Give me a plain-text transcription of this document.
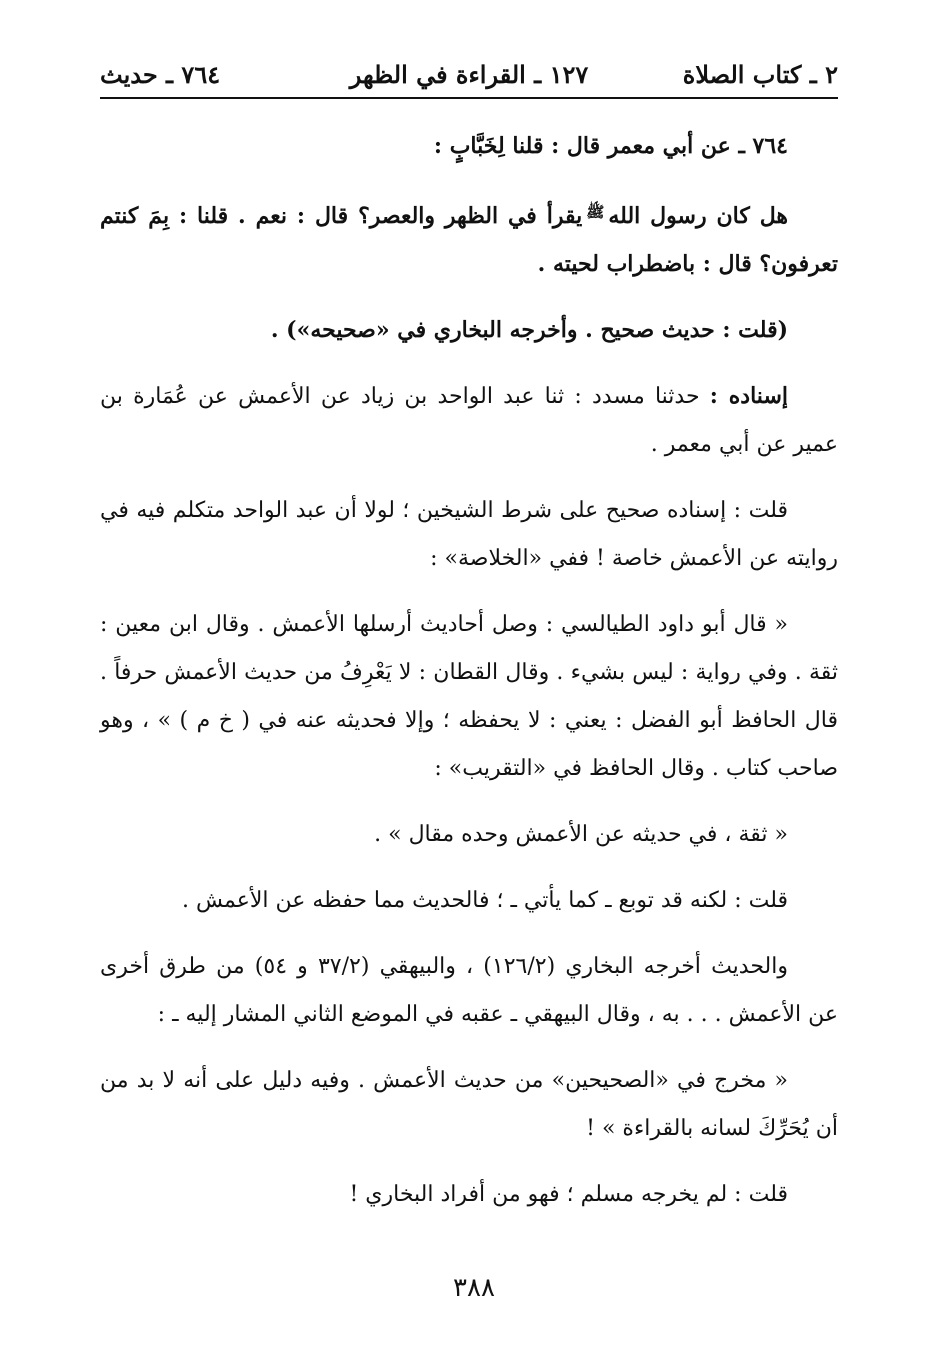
٢ ـ كتاب الصلاة
١٢٧ ـ القراءة في الظهر
٧٦٤ ـ حديث

٧٦٤ ـ عن أبي معمر قال : قلنا لِخَبَّابٍ :

هل كان رسول الله$^ﷺ$يقرأ في الظهر والعصر؟ قال : نعم . قلنا : بِمَ كنتم تعرفون؟ قال : باضطراب لحيته .

(قلت : حديث صحيح . وأخرجه البخاري في «صحيحه») .

إسناده : حدثنا مسدد : ثنا عبد الواحد بن زياد عن الأعمش عن عُمَارة بن عمير عن أبي معمر .

قلت : إسناده صحيح على شرط الشيخين ؛ لولا أن عبد الواحد متكلم فيه في روايته عن الأعمش خاصة ! ففي «الخلاصة» :

« قال أبو داود الطيالسي : وصل أحاديث أرسلها الأعمش . وقال ابن معين : ثقة . وفي رواية : ليس بشيء . وقال القطان : لا يَعْرِفُ من حديث الأعمش حرفاً . قال الحافظ أبو الفضل : يعني : لا يحفظه ؛ وإلا فحديثه عنه في ( خ م ) » ، وهو صاحب كتاب . وقال الحافظ في «التقريب» :

« ثقة ، في حديثه عن الأعمش وحده مقال » .

قلت : لكنه قد توبع ـ كما يأتي ـ ؛ فالحديث مما حفظه عن الأعمش .

والحديث أخرجه البخاري (١٢٦/٢) ، والبيهقي (٣٧/٢ و ٥٤) من طرق أخرى عن الأعمش . . . به ، وقال البيهقي ـ عقبه في الموضع الثاني المشار إليه ـ :

« مخرج في «الصحيحين» من حديث الأعمش . وفيه دليل على أنه لا بد من أن يُحَرِّكَ لسانه بالقراءة » !

قلت : لم يخرجه مسلم ؛ فهو من أفراد البخاري !

٣٨٨
